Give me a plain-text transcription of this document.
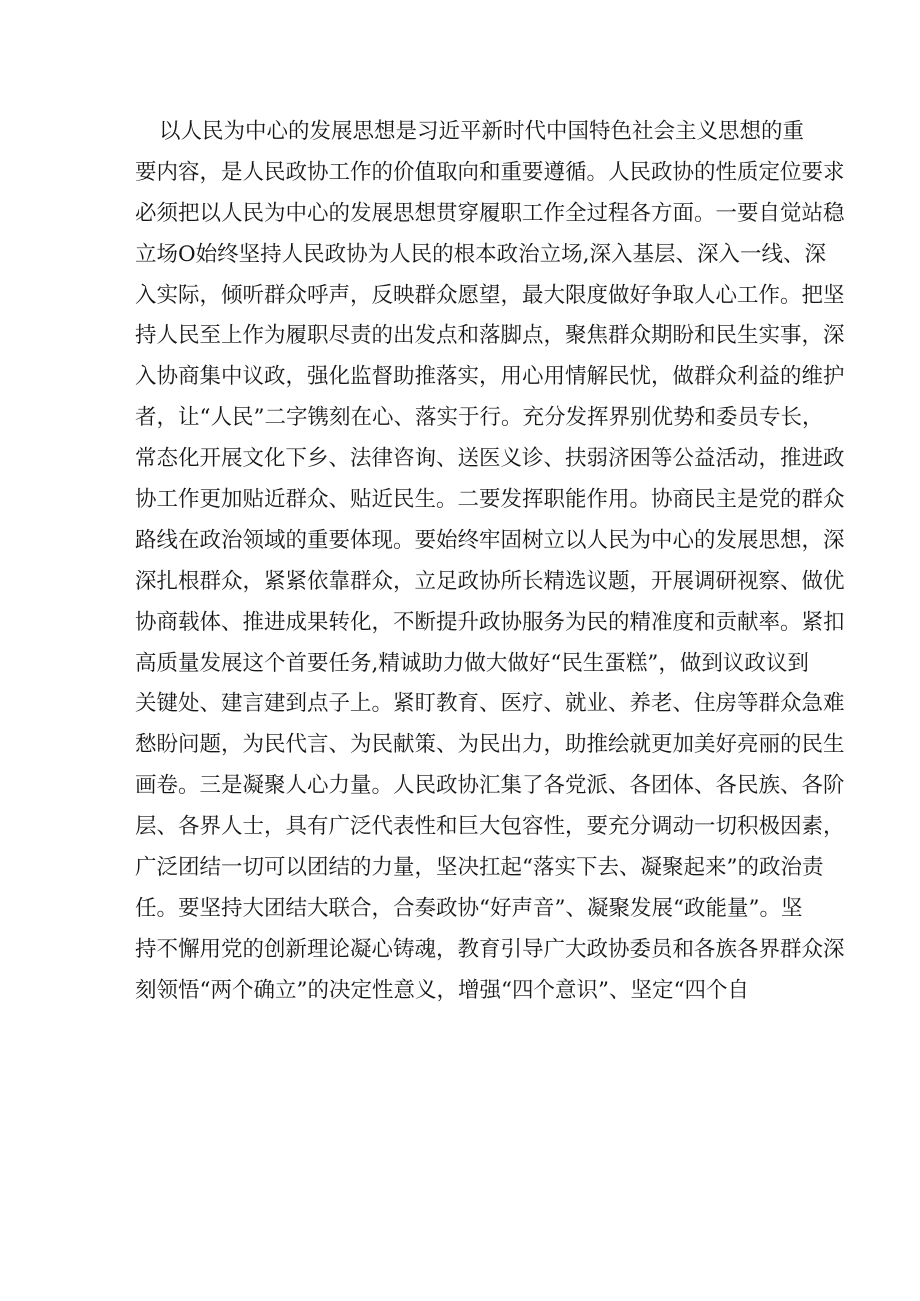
以人民为中心的发展思想是习近平新时代中国特色社会主义思想的重
要内容，是人民政协工作的价值取向和重要遵循。人民政协的性质定位要求
必须把以人民为中心的发展思想贯穿履职工作全过程各方面。一要自觉站稳
立场O始终坚持人民政协为人民的根本政治立场,深入基层、深入一线、深
入实际，倾听群众呼声，反映群众愿望，最大限度做好争取人心工作。把坚
持人民至上作为履职尽责的出发点和落脚点，聚焦群众期盼和民生实事，深
入协商集中议政，强化监督助推落实，用心用情解民忧，做群众利益的维护
者，让“人民”二字镌刻在心、落实于行。充分发挥界别优势和委员专长，
常态化开展文化下乡、法律咨询、送医义诊、扶弱济困等公益活动，推进政
协工作更加贴近群众、贴近民生。二要发挥职能作用。协商民主是党的群众
路线在政治领域的重要体现。要始终牢固树立以人民为中心的发展思想，深
深扎根群众，紧紧依靠群众，立足政协所长精选议题，开展调研视察、做优
协商载体、推进成果转化，不断提升政协服务为民的精准度和贡献率。紧扣
高质量发展这个首要任务,精诚助力做大做好“民生蛋糕”，做到议政议到
关键处、建言建到点子上。紧盯教育、医疗、就业、养老、住房等群众急难
愁盼问题，为民代言、为民献策、为民出力，助推绘就更加美好亮丽的民生
画卷。三是凝聚人心力量。人民政协汇集了各党派、各团体、各民族、各阶
层、各界人士，具有广泛代表性和巨大包容性，要充分调动一切积极因素，
广泛团结一切可以团结的力量，坚决扛起“落实下去、凝聚起来”的政治责
任。要坚持大团结大联合，合奏政协“好声音”、凝聚发展“政能量”。坚
持不懈用党的创新理论凝心铸魂，教育引导广大政协委员和各族各界群众深
刻领悟“两个确立”的决定性意义，增强“四个意识”、坚定“四个自
